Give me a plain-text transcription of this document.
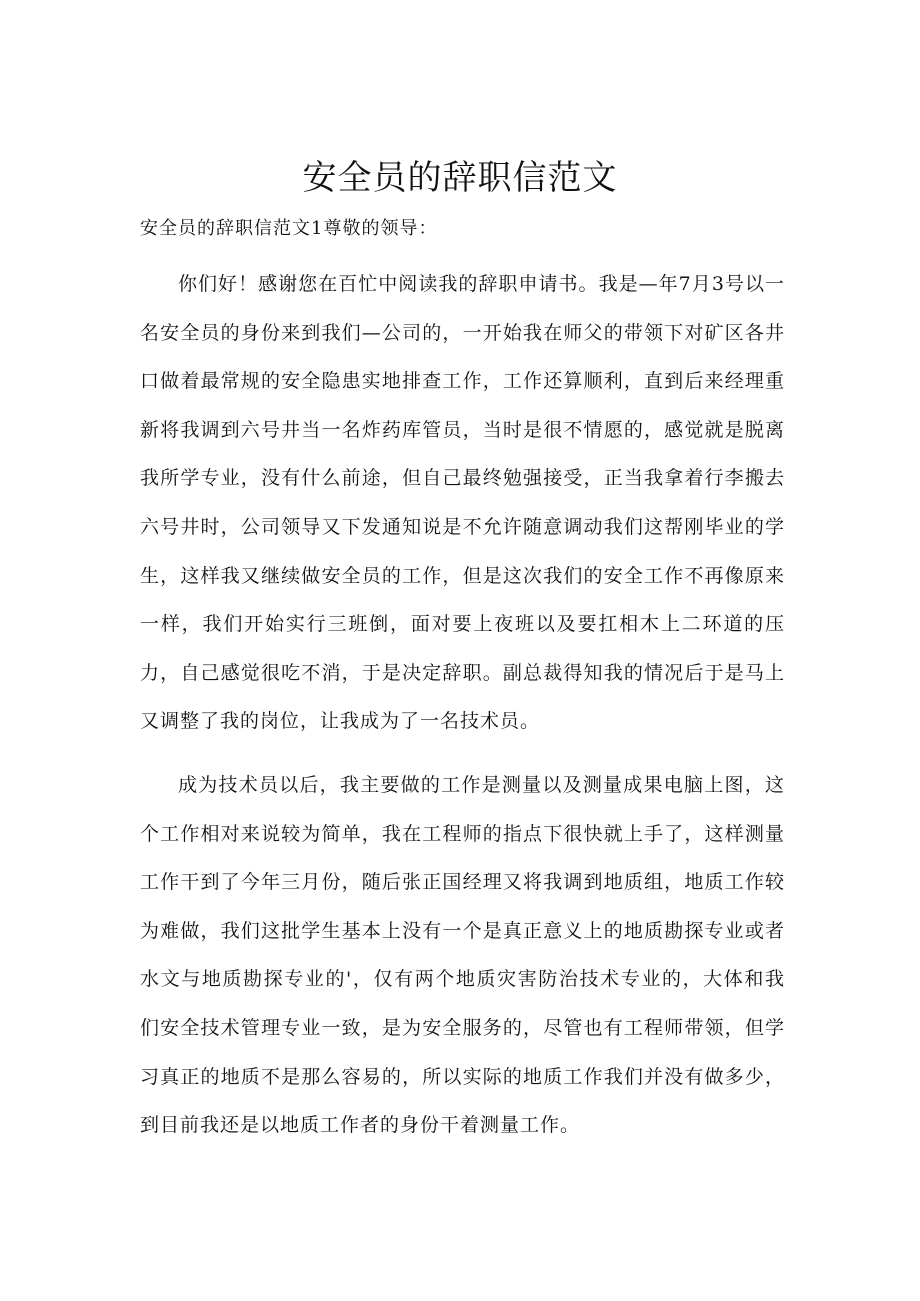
安全员的辞职信范文
安全员的辞职信范文1尊敬的领导：
你们好！感谢您在百忙中阅读我的辞职申请书。我是—年7月3号以一名安全员的身份来到我们—公司的，一开始我在师父的带领下对矿区各井口做着最常规的安全隐患实地排查工作，工作还算顺利，直到后来经理重新将我调到六号井当一名炸药库管员，当时是很不情愿的，感觉就是脱离我所学专业，没有什么前途，但自己最终勉强接受，正当我拿着行李搬去六号井时，公司领导又下发通知说是不允许随意调动我们这帮刚毕业的学生，这样我又继续做安全员的工作，但是这次我们的安全工作不再像原来一样，我们开始实行三班倒，面对要上夜班以及要扛相木上二环道的压力，自己感觉很吃不消，于是决定辞职。副总裁得知我的情况后于是马上又调整了我的岗位，让我成为了一名技术员。
成为技术员以后，我主要做的工作是测量以及测量成果电脑上图，这个工作相对来说较为简单，我在工程师的指点下很快就上手了，这样测量工作干到了今年三月份，随后张正国经理又将我调到地质组，地质工作较为难做，我们这批学生基本上没有一个是真正意义上的地质勘探专业或者水文与地质勘探专业的'，仅有两个地质灾害防治技术专业的，大体和我们安全技术管理专业一致，是为安全服务的，尽管也有工程师带领，但学习真正的地质不是那么容易的，所以实际的地质工作我们并没有做多少，到目前我还是以地质工作者的身份干着测量工作。
